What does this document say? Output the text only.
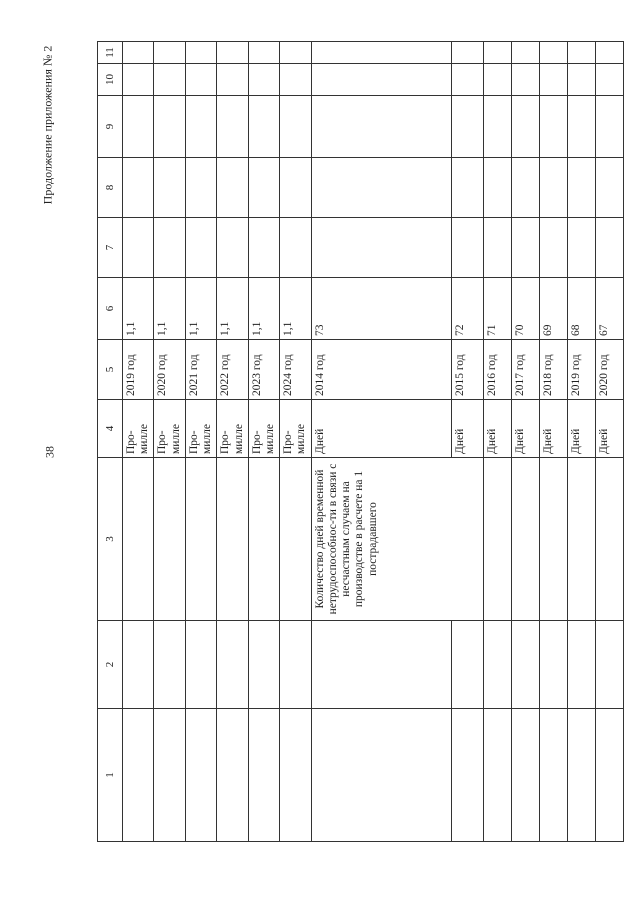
38
Продолжение приложения № 2
1	2	3	4	5	6	7	8	9	10	11
			Про-милле	2019 год	1,1					
			Про-милле	2020 год	1,1					
			Про-милле	2021 год	1,1					
			Про-милле	2022 год	1,1					
			Про-милле	2023 год	1,1					
			Про-милле	2024 год	1,1					
		Количество дней временной нетрудоспособнос-ти в связи с несчастным случаем на производстве в расчете на 1 пострадавшего	Дней	2014 год	73					
			Дней	2015 год	72					
			Дней	2016 год	71					
			Дней	2017 год	70					
			Дней	2018 год	69					
			Дней	2019 год	68					
			Дней	2020 год	67					
